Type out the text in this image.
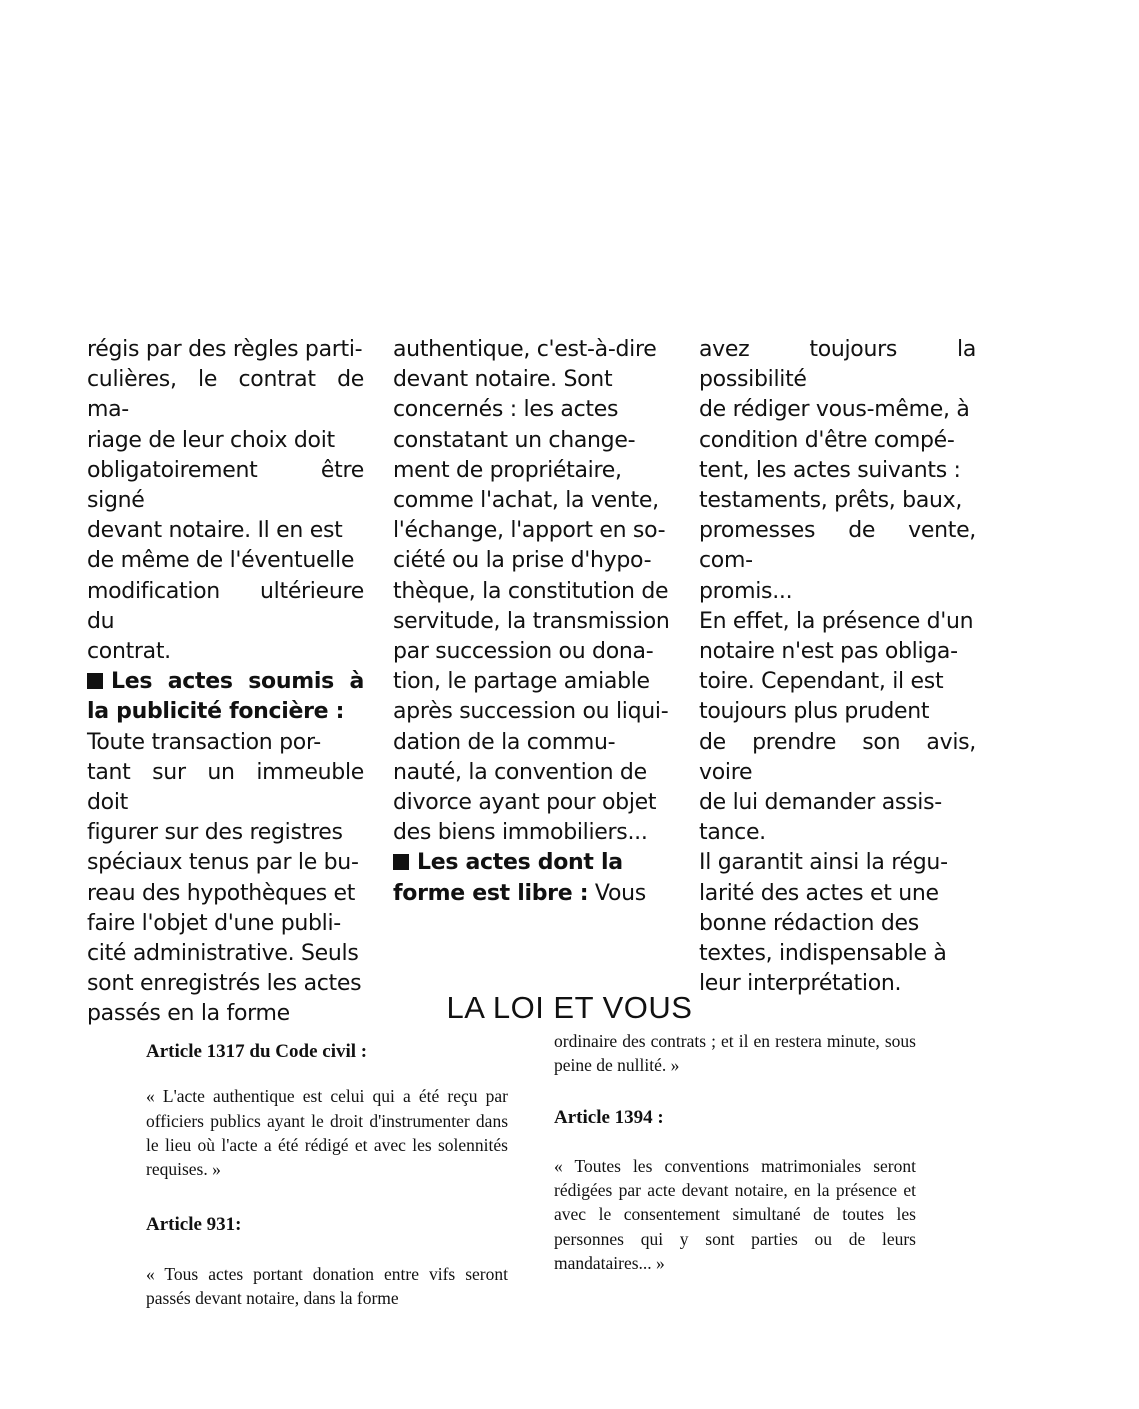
régis par des règles parti-
culières, le contrat de ma-
riage de leur choix doit
obligatoirement être signé
devant notaire. Il en est
de même de l'éventuelle
modification ultérieure du
contrat.

Les actes soumis à la publicité foncière :
Toute transaction por-
tant sur un immeuble doit
figurer sur des registres
spéciaux tenus par le bu-
reau des hypothèques et
faire l'objet d'une publi-
cité administrative. Seuls
sont enregistrés les actes
passés en la forme

authentique, c'est-à-dire
devant notaire. Sont
concernés : les actes
constatant un change-
ment de propriétaire,
comme l'achat, la vente,
l'échange, l'apport en so-
ciété ou la prise d'hypo-
thèque, la constitution de
servitude, la transmission
par succession ou dona-
tion, le partage amiable
après succession ou liqui-
dation de la commu-
nauté, la convention de
divorce ayant pour objet
des biens immobiliers...

Les actes dont la
forme est libre : Vous

avez toujours la possibilité
de rédiger vous-même, à
condition d'être compé-
tent, les actes suivants :
testaments, prêts, baux,
promesses de vente, com-
promis...

En effet, la présence d'un
notaire n'est pas obliga-
toire. Cependant, il est
toujours plus prudent
de prendre son avis, voire
de lui demander assis-
tance.

Il garantit ainsi la régu-
larité des actes et une
bonne rédaction des
textes, indispensable à
leur interprétation.

LA LOI ET VOUS

Article 1317 du Code civil :

« L'acte authentique est celui qui a été reçu par officiers publics ayant le droit d'instrumenter dans le lieu où l'acte a été rédigé et avec les solennités requises. »

Article 931:

« Tous actes portant donation entre vifs seront passés devant notaire, dans la forme

ordinaire des contrats ; et il en restera minute, sous peine de nullité. »

Article 1394 :

« Toutes les conventions matrimoniales seront rédigées par acte devant notaire, en la présence et avec le consentement simultané de toutes les personnes qui y sont parties ou de leurs mandataires... »
